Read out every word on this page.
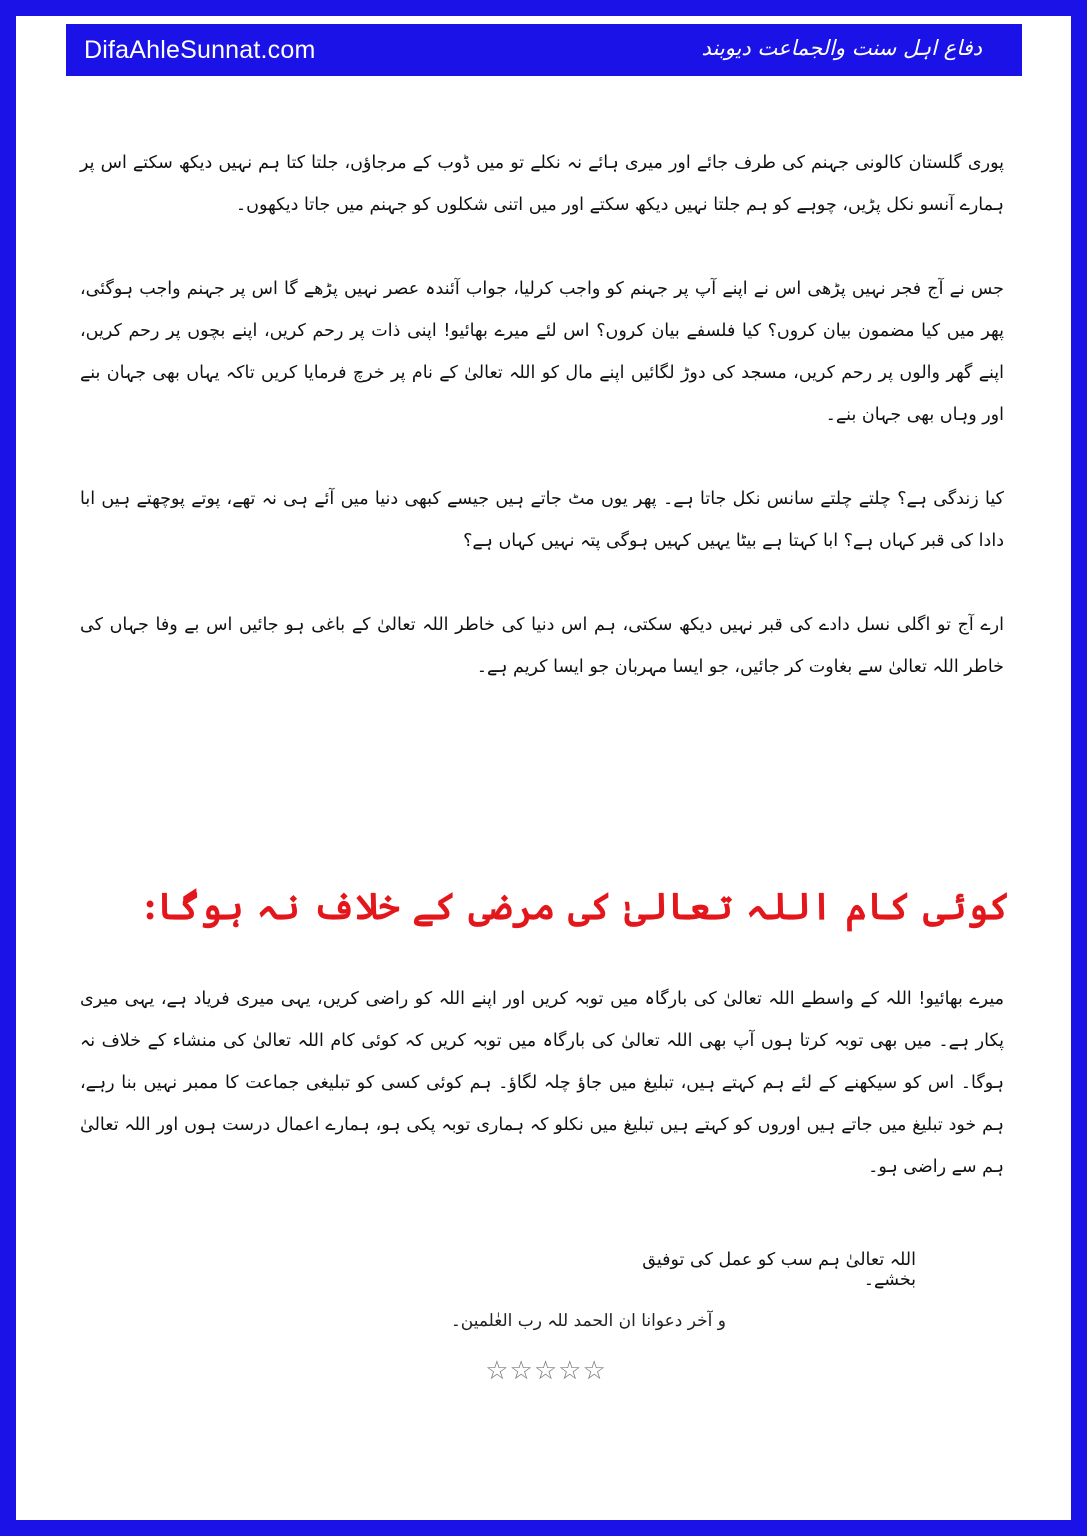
DifaAhleSunnat.com	دفاع اہل سنت والجماعت دیوبند

پوری گلستان کالونی جہنم کی طرف جائے اور میری ہائے نہ نکلے تو میں ڈوب کے مرجاؤں، جلتا کتا ہم نہیں دیکھ سکتے اس پر ہمارے آنسو نکل پڑیں، چوہے کو ہم جلتا نہیں دیکھ سکتے اور میں اتنی شکلوں کو جہنم میں جاتا دیکھوں۔

جس نے آج فجر نہیں پڑھی اس نے اپنے آپ پر جہنم کو واجب کرلیا، جواب آئندہ عصر نہیں پڑھے گا اس پر جہنم واجب ہوگئی، پھر میں کیا مضمون بیان کروں؟ کیا فلسفے بیان کروں؟ اس لئے میرے بھائیو! اپنی ذات پر رحم کریں، اپنے بچوں پر رحم کریں، اپنے گھر والوں پر رحم کریں، مسجد کی دوڑ لگائیں اپنے مال کو اللہ تعالیٰ کے نام پر خرچ فرمایا کریں تاکہ یہاں بھی جہان بنے اور وہاں بھی جہان بنے۔

کیا زندگی ہے؟ چلتے چلتے سانس نکل جاتا ہے۔ پھر یوں مٹ جاتے ہیں جیسے کبھی دنیا میں آئے ہی نہ تھے، پوتے پوچھتے ہیں ابا دادا کی قبر کہاں ہے؟ ابا کہتا ہے بیٹا یہیں کہیں ہوگی پتہ نہیں کہاں ہے؟

ارے آج تو اگلی نسل دادے کی قبر نہیں دیکھ سکتی، ہم اس دنیا کی خاطر اللہ تعالیٰ کے باغی ہو جائیں اس بے وفا جہاں کی خاطر اللہ تعالیٰ سے بغاوت کر جائیں، جو ایسا مہربان جو ایسا کریم ہے۔

کوئی کام اللہ تعالیٰ کی مرضی کے خلاف نہ ہوگا:

میرے بھائیو! اللہ کے واسطے اللہ تعالیٰ کی بارگاہ میں توبہ کریں اور اپنے اللہ کو راضی کریں، یہی میری فریاد ہے، یہی میری پکار ہے۔ میں بھی توبہ کرتا ہوں آپ بھی اللہ تعالیٰ کی بارگاہ میں توبہ کریں کہ کوئی کام اللہ تعالیٰ کی منشاء کے خلاف نہ ہوگا۔ اس کو سیکھنے کے لئے ہم کہتے ہیں، تبلیغ میں جاؤ چلہ لگاؤ۔ ہم کوئی کسی کو تبلیغی جماعت کا ممبر نہیں بنا رہے، ہم خود تبلیغ میں جاتے ہیں اوروں کو کہتے ہیں تبلیغ میں نکلو کہ ہماری توبہ پکی ہو، ہمارے اعمال درست ہوں اور اللہ تعالیٰ ہم سے راضی ہو۔

اللہ تعالیٰ ہم سب کو عمل کی توفیق بخشے۔
و آخر دعوانا ان الحمد للہ رب العٰلمین۔
☆☆☆☆☆
